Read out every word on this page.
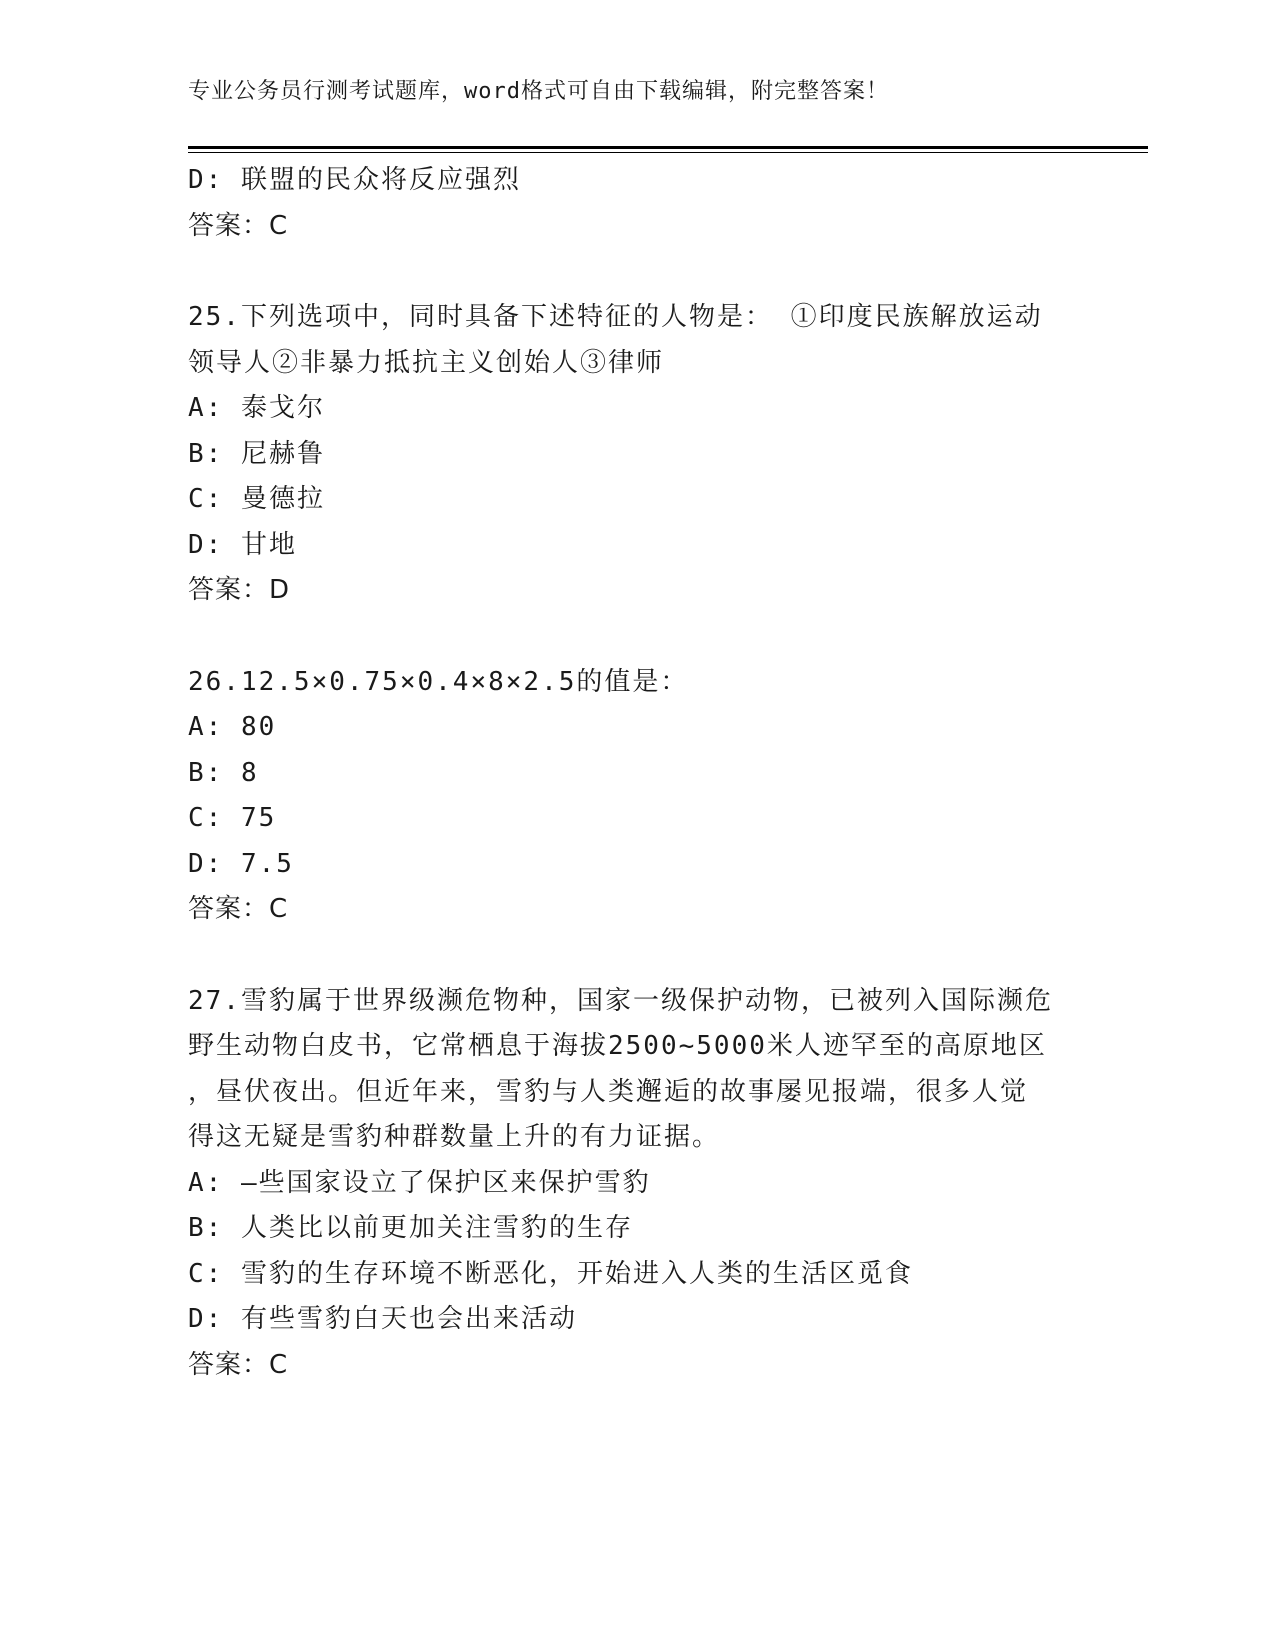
专业公务员行测考试题库，word格式可自由下载编辑，附完整答案！
D: 联盟的民众将反应强烈
答案：C
25.下列选项中，同时具备下述特征的人物是： ①印度民族解放运动
领导人②非暴力抵抗主义创始人③律师
A: 泰戈尔
B: 尼赫鲁
C: 曼德拉
D: 甘地
答案：D
26.12.5×0.75×0.4×8×2.5的值是：
A: 80
B: 8
C: 75
D: 7.5
答案：C
27.雪豹属于世界级濒危物种，国家一级保护动物，已被列入国际濒危
野生动物白皮书，它常栖息于海拔2500~5000米人迹罕至的高原地区
，昼伏夜出。但近年来，雪豹与人类邂逅的故事屡见报端，很多人觉
得这无疑是雪豹种群数量上升的有力证据。
A: —些国家设立了保护区来保护雪豹
B: 人类比以前更加关注雪豹的生存
C: 雪豹的生存环境不断恶化，开始进入人类的生活区觅食
D: 有些雪豹白天也会出来活动
答案：C
